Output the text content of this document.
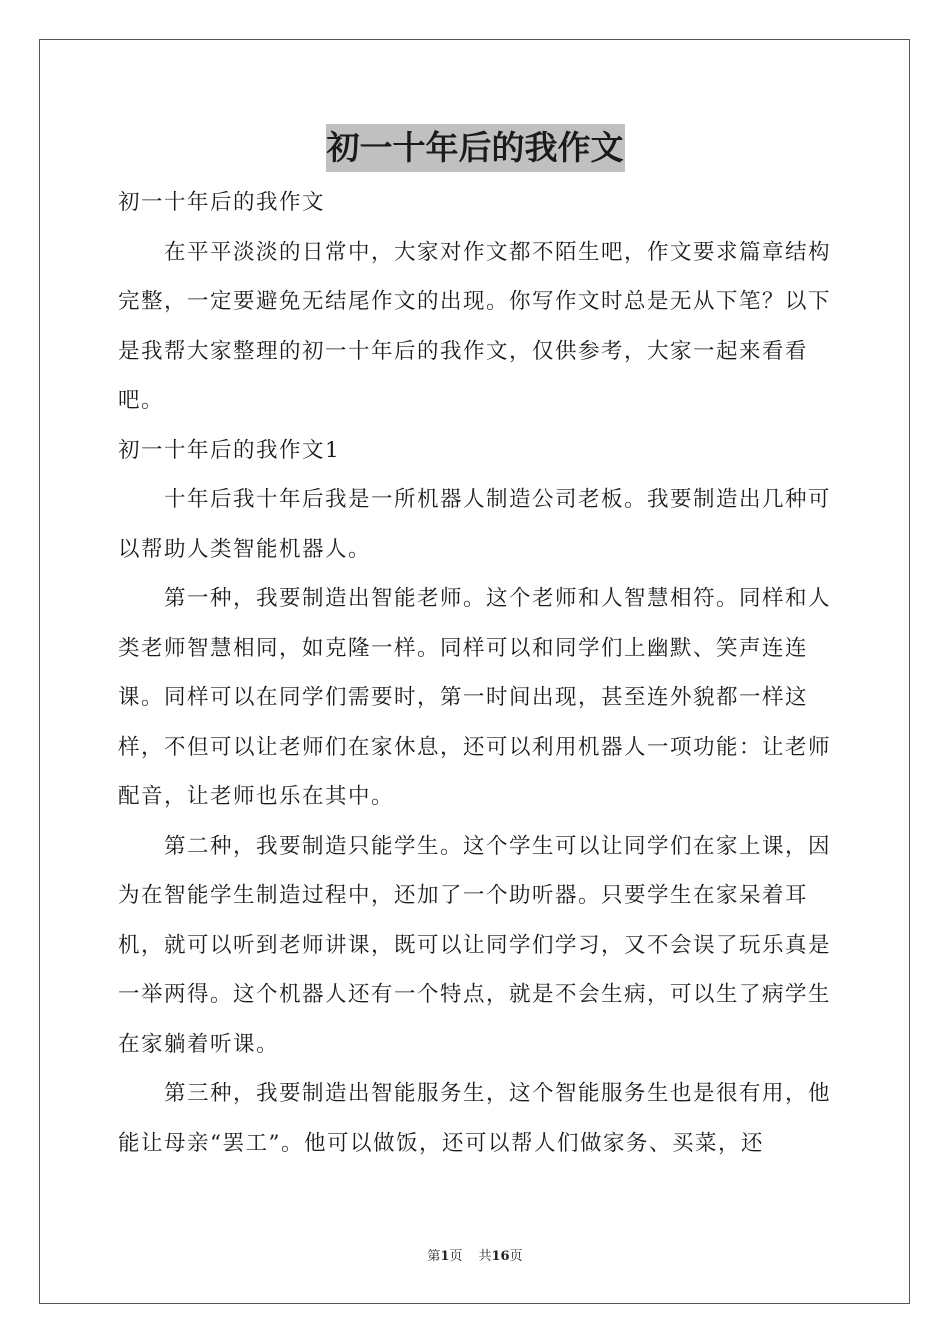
初一十年后的我作文

初一十年后的我作文

在平平淡淡的日常中，大家对作文都不陌生吧，作文要求篇章结构完整，一定要避免无结尾作文的出现。你写作文时总是无从下笔？以下是我帮大家整理的初一十年后的我作文，仅供参考，大家一起来看看吧。

初一十年后的我作文1

十年后我十年后我是一所机器人制造公司老板。我要制造出几种可以帮助人类智能机器人。

第一种，我要制造出智能老师。这个老师和人智慧相符。同样和人类老师智慧相同，如克隆一样。同样可以和同学们上幽默、笑声连连课。同样可以在同学们需要时，第一时间出现，甚至连外貌都一样这样，不但可以让老师们在家休息，还可以利用机器人一项功能：让老师配音，让老师也乐在其中。

第二种，我要制造只能学生。这个学生可以让同学们在家上课，因为在智能学生制造过程中，还加了一个助听器。只要学生在家呆着耳机，就可以听到老师讲课，既可以让同学们学习，又不会误了玩乐真是一举两得。这个机器人还有一个特点，就是不会生病，可以生了病学生在家躺着听课。

第三种，我要制造出智能服务生，这个智能服务生也是很有用，他能让母亲“罢工”。他可以做饭，还可以帮人们做家务、买菜，还

第1页 共16页
